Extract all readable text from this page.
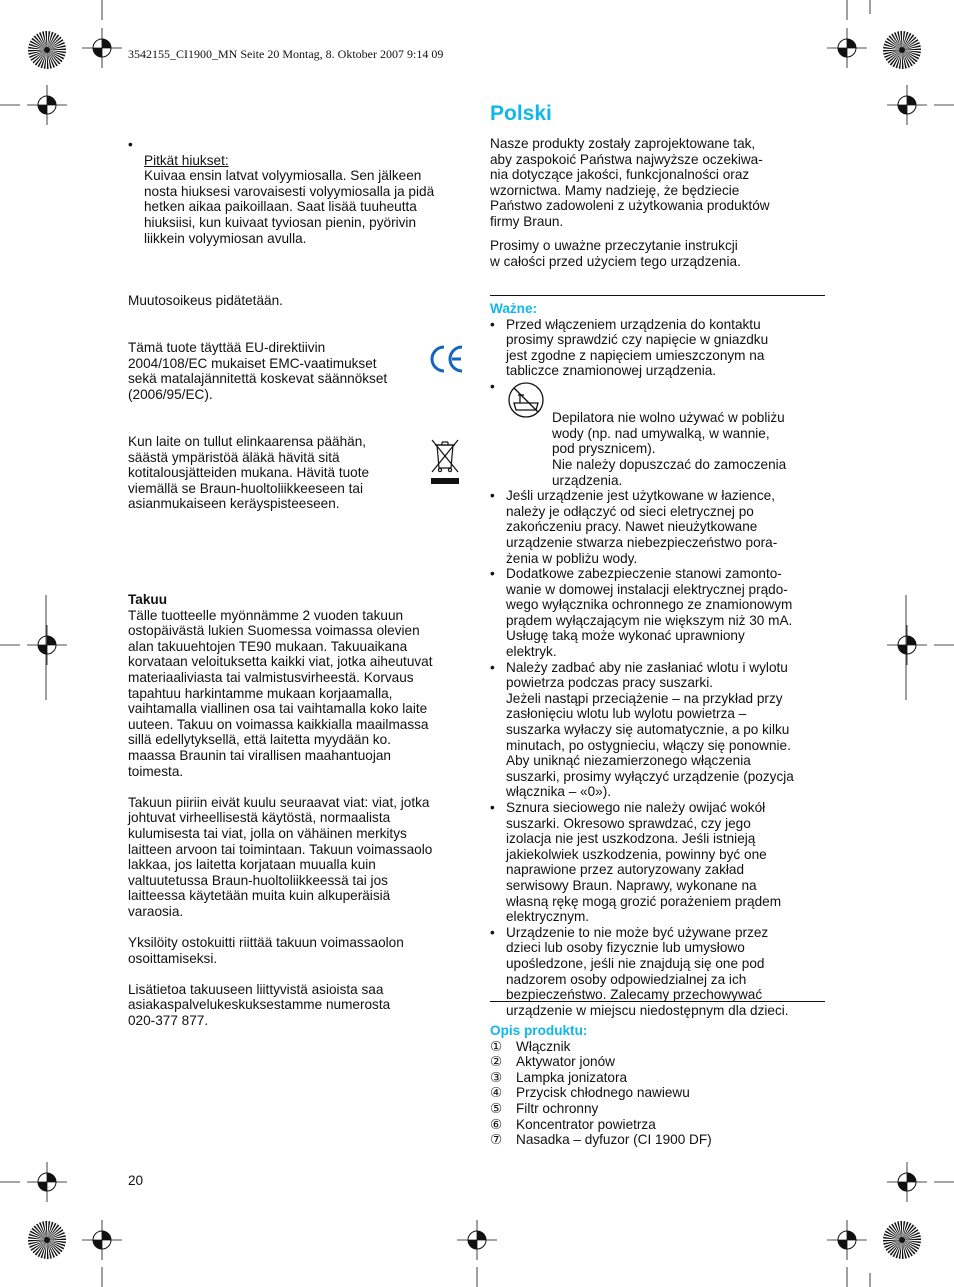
3542155_CI1900_MN Seite 20 Montag, 8. Oktober 2007 9:14 09

• Pitkät hiukset:

Kuivaa ensin latvat volyymiosalla. Sen jälkeen
nosta hiuksesi varovaisesti volyymiosalla ja pidä
hetken aikaa paikoillaan. Saat lisää tuuheutta
hiuksiisi, kun kuivaat tyviosan pienin, pyörivin
liikkein volyymiosan avulla.

Muutosoikeus pidätetään.
Tämä tuote täyttää EU-direktiivin
2004/108/EC mukaiset EMC-vaatimukset
sekä matalajännitettä koskevat säännökset
(2006/95/EC).
Kun laite on tullut elinkaarensa päähän,
säästä ympäristöä äläkä hävitä sitä
kotitalousjätteiden mukana. Hävitä tuote
viemällä se Braun-huoltoliikkeeseen tai
asianmukaiseen keräyspisteeseen.
Takuu

Tälle tuotteelle myönnämme 2 vuoden takuun
ostopäivästä lukien Suomessa voimassa olevien
alan takuuehtojen TE90 mukaan. Takuuaikana
korvataan veloituksetta kaikki viat, jotka aiheutuvat
materiaaliviasta tai valmistusvirheestä. Korvaus
tapahtuu harkintamme mukaan korjaamalla,
vaihtamalla viallinen osa tai vaihtamalla koko laite
uuteen. Takuu on voimassa kaikkialla maailmassa
sillä edellytyksellä, että laitetta myydään ko.
maassa Braunin tai virallisen maahantuojan
toimesta.

Takuun piiriin eivät kuulu seuraavat viat: viat, jotka
johtuvat virheellisestä käytöstä, normaalista
kulumisesta tai viat, jolla on vähäinen merkitys
laitteen arvoon tai toimintaan. Takuun voimassaolo
lakkaa, jos laitetta korjataan muualla kuin
valtuutetussa Braun-huoltoliikkeessä tai jos
laitteessa käytetään muita kuin alkuperäisiä
varaosia.

Yksilöity ostokuitti riittää takuun voimassaolon
osoittamiseksi.

Lisätietoa takuuseen liittyvistä asioista saa
asiakaspalvelukeskuksestamme numerosta
020-377 877.

20
Polski
Nasze produkty zostały zaprojektowane tak,
aby zaspokoić Państwa najwyższe oczekiwa-
nia dotyczące jakości, funkcjonalności oraz
wzornictwa. Mamy nadzieję, że będziecie
Państwo zadowoleni z użytkowania produktów
firmy Braun.
Prosimy o uważne przeczytanie instrukcji
w całości przed użyciem tego urządzenia.
Ważne:
• Przed włączeniem urządzenia do kontaktu
prosimy sprawdzić czy napięcie w gniazdku
jest zgodne z napięciem umieszczonym na
tabliczce znamionowej urządzenia.

• Depilatora nie wolno używać w pobliżu
wody (np. nad umywalką, w wannie,
pod prysznicem).
Nie należy dopuszczać do zamoczenia
urządzenia.

• Jeśli urządzenie jest użytkowane w łazience,
należy je odłączyć od sieci eletrycznej po
zakończeniu pracy. Nawet nieużytkowane
urządzenie stwarza niebezpieczeństwo pora-
żenia w pobliżu wody.
• Dodatkowe zabezpieczenie stanowi zamonto-
wanie w domowej instalacji elektrycznej prądo-
wego wyłącznika ochronnego ze znamionowym
prądem wyłączającym nie większym niż 30 mA.
Usługę taką może wykonać uprawniony
elektryk.
• Należy zadbać aby nie zasłaniać wlotu i wylotu
powietrza podczas pracy suszarki.
Jeżeli nastąpi przeciążenie – na przykład przy
zasłonięciu wlotu lub wylotu powietrza –
suszarka wyłaczy się automatycznie, a po kilku
minutach, po ostygnieciu, włączy się ponownie.
Aby uniknąć niezamierzonego włączenia
suszarki, prosimy wyłączyć urządzenie (pozycja
włącznika – «0»).
• Sznura sieciowego nie należy owijać wokół
suszarki. Okresowo sprawdzać, czy jego
izolacja nie jest uszkodzona. Jeśli istnieją
jakiekolwiek uszkodzenia, powinny być one
naprawione przez autoryzowany zakład
serwisowy Braun. Naprawy, wykonane na
własną rękę mogą grozić porażeniem prądem
elektrycznym.
• Urządzenie to nie może być używane przez
dzieci lub osoby fizycznie lub umysłowo
upośledzone, jeśli nie znajdują się one pod
nadzorem osoby odpowiedzialnej za ich
bezpieczeństwo. Zalecamy przechowywać
urządzenie w miejscu niedostępnym dla dzieci.
Opis produktu:
①	Włącznik
②	Aktywator jonów
③	Lampka jonizatora
④	Przycisk chłodnego nawiewu
⑤	Filtr ochronny
⑥	Koncentrator powietrza
⑦	Nasadka – dyfuzor (CI 1900 DF)
